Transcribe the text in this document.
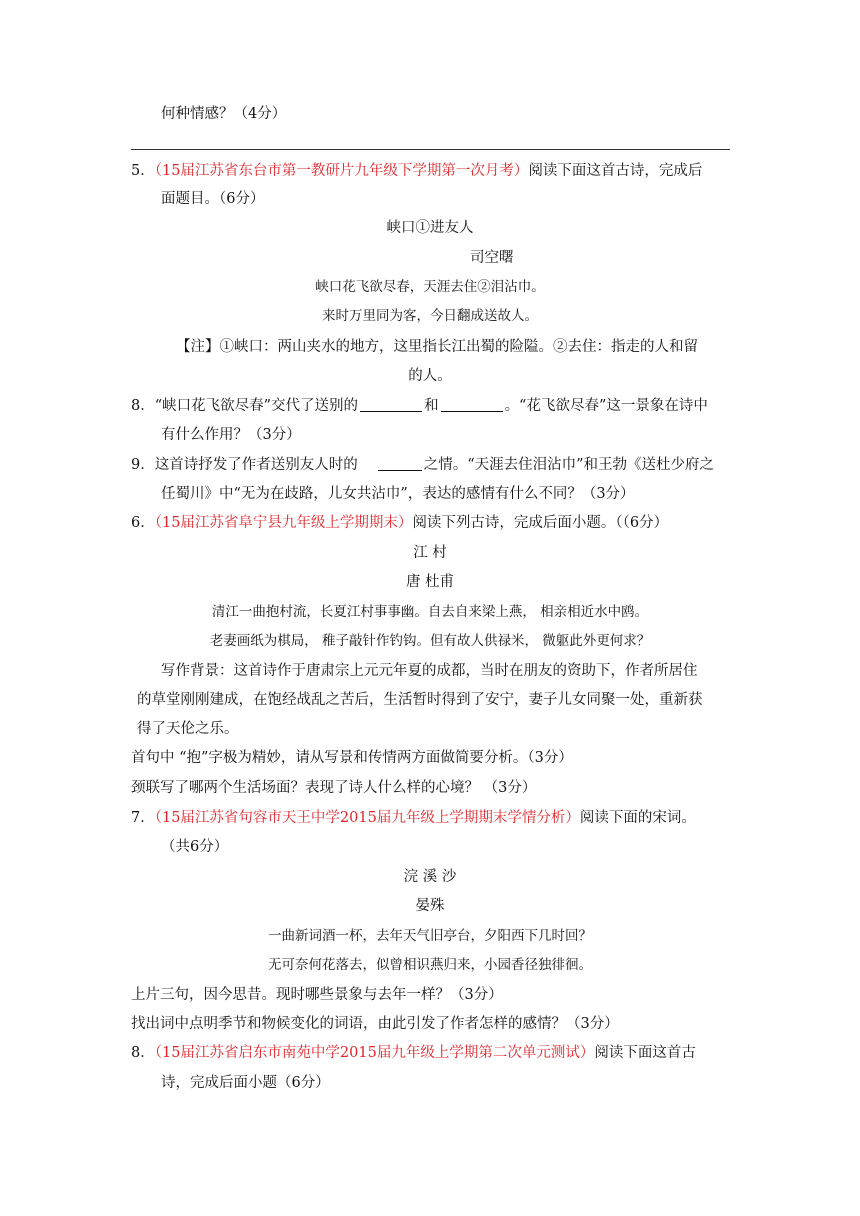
何种情感？（4分）
5．（15届江苏省东台市第一教研片九年级下学期第一次月考）阅读下面这首古诗，完成后
面题目。（6分）
峡口①进友人
司空曙
峡口花飞欲尽春，天涯去住②泪沾巾。
来时万里同为客，今日翻成送故人。
【注】①峡口：两山夹水的地方，这里指长江出蜀的险隘。②去住：指走的人和留
的人。
8．“峡口花飞欲尽春”交代了送别的	和	。“花飞欲尽春”这一景象在诗中
有什么作用？（3分）
9．这首诗抒发了作者送别友人时的	之情。“天涯去住泪沾巾”和王勃《送杜少府之
任蜀川》中“无为在歧路，儿女共沾巾”，表达的感情有什么不同？（3分）
6．（15届江苏省阜宁县九年级上学期期末）阅读下列古诗，完成后面小题。（（6分）
江 村
唐 杜甫
清江一曲抱村流，长夏江村事事幽。自去自来梁上燕， 相亲相近水中鸥。
老妻画纸为棋局， 稚子敲针作钓钩。但有故人供禄米， 微躯此外更何求？
写作背景：这首诗作于唐肃宗上元元年夏的成都，当时在朋友的资助下，作者所居住
的草堂刚刚建成，在饱经战乱之苦后，生活暂时得到了安宁，妻子儿女同聚一处，重新获
得了天伦之乐。
首句中 “抱”字极为精妙，请从写景和传情两方面做简要分析。（3分）
颈联写了哪两个生活场面？表现了诗人什么样的心境？ （3分）
7．（15届江苏省句容市天王中学2015届九年级上学期期末学情分析）阅读下面的宋词。
（共6分）
浣 溪 沙
晏殊
一曲新词酒一杯，去年天气旧亭台，夕阳西下几时回？
无可奈何花落去，似曾相识燕归来，小园香径独徘徊。
上片三句，因今思昔。现时哪些景象与去年一样？（3分）
找出词中点明季节和物候变化的词语，由此引发了作者怎样的感情？（3分）
8．（15届江苏省启东市南苑中学2015届九年级上学期第二次单元测试）阅读下面这首古
诗，完成后面小题（6分）
